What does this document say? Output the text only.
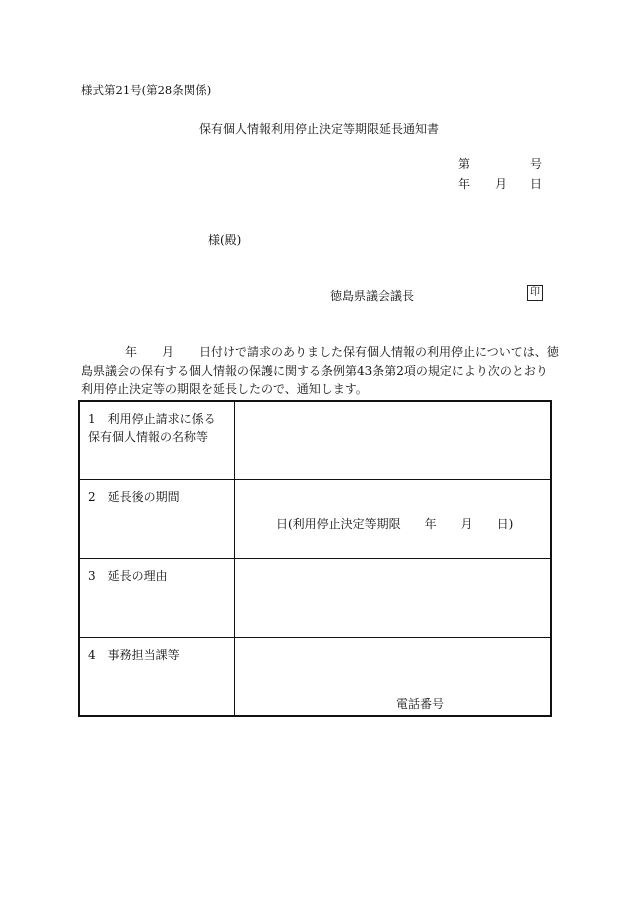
様式第21号(第28条関係)
保有個人情報利用停止決定等期限延長通知書
第	号
年 月 日
様(殿)
徳島県議会議長	印
年 月 日付けで請求のありました保有個人情報の利用停止については、徳
島県議会の保有する個人情報の保護に関する条例第43条第2項の規定により次のとおり
利用停止決定等の期限を延長したので、通知します。
1　利用停止請求に係る
保有個人情報の名称等	

2　延長後の期間	日(利用停止決定等期限　　年　　月　　日)

3　延長の理由	

4　事務担当課等	電話番号
